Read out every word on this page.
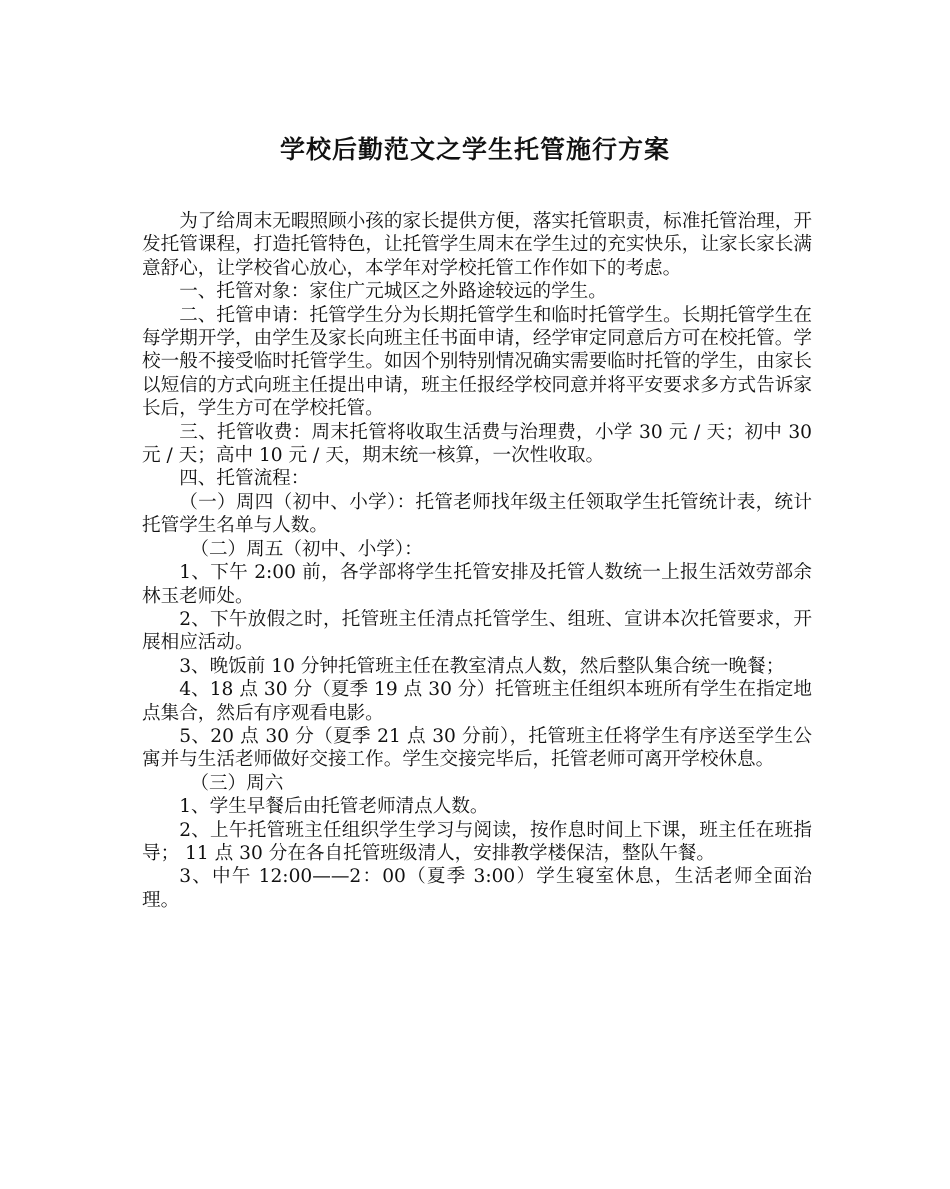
学校后勤范文之学生托管施行方案

为了给周末无暇照顾小孩的家长提供方便，落实托管职责，标准托管治理，开发托管课程，打造托管特色，让托管学生周末在学生过的充实快乐，让家长家长满意舒心，让学校省心放心，本学年对学校托管工作作如下的考虑。

一、托管对象：家住广元城区之外路途较远的学生。

二、托管申请：托管学生分为长期托管学生和临时托管学生。长期托管学生在每学期开学，由学生及家长向班主任书面申请，经学审定同意后方可在校托管。学校一般不接受临时托管学生。如因个别特别情况确实需要临时托管的学生，由家长以短信的方式向班主任提出申请，班主任报经学校同意并将平安要求多方式告诉家长后，学生方可在学校托管。

三、托管收费：周末托管将收取生活费与治理费，小学 30 元 / 天；初中 30 元 / 天；高中 10 元 / 天，期末统一核算，一次性收取。

四、托管流程：

（一）周四（初中、小学）：托管老师找年级主任领取学生托管统计表，统计托管学生名单与人数。

（二）周五（初中、小学）：

1、下午 2:00 前，各学部将学生托管安排及托管人数统一上报生活效劳部余林玉老师处。

2、下午放假之时，托管班主任清点托管学生、组班、宣讲本次托管要求，开展相应活动。

3、晚饭前 10 分钟托管班主任在教室清点人数，然后整队集合统一晚餐；

4、18 点 30 分（夏季 19 点 30 分）托管班主任组织本班所有学生在指定地点集合，然后有序观看电影。

5、20 点 30 分（夏季 21 点 30 分前），托管班主任将学生有序送至学生公寓并与生活老师做好交接工作。学生交接完毕后，托管老师可离开学校休息。

（三）周六

1、学生早餐后由托管老师清点人数。

2、上午托管班主任组织学生学习与阅读，按作息时间上下课，班主任在班指导； 11 点 30 分在各自托管班级清人，安排教学楼保洁，整队午餐。

3、中午 12:00——2：00（夏季 3:00）学生寝室休息，生活老师全面治理。
